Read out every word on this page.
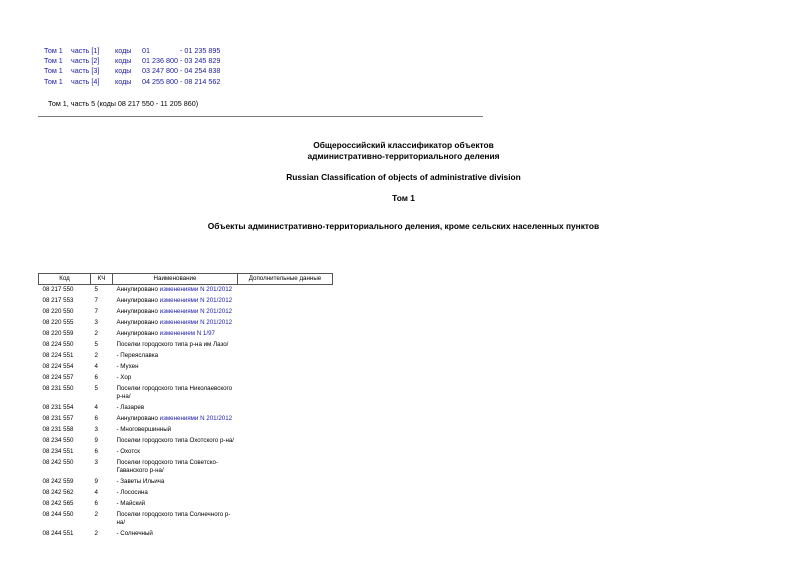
Том 1	часть [1]	коды	01               - 01 235 895
Том 1	часть [2]	коды	01 236 800 - 03 245 829
Том 1	часть [3]	коды	03 247 800 - 04 254 838
Том 1	часть [4]	коды	04 255 800 - 08 214 562
Том 1, часть 5 (коды 08 217 550 - 11 205 860)
Общероссийский классификатор объектов
административно-территориального деления
Russian Classification of objects of administrative division
Том 1
Объекты административно-территориального деления, кроме сельских населенных пунктов
Код	КЧ	Наименование	Дополнительные данные
08 217 550	5	Аннулировано изменениями N 201/2012	
08 217 553	7	Аннулировано изменениями N 201/2012	
08 220 550	7	Аннулировано изменениями N 201/2012	
08 220 555	3	Аннулировано изменениями N 201/2012	
08 220 559	2	Аннулировано изменением N 1/97	
08 224 550	5	Поселки городского типа р-на им Лазо/	
08 224 551	2	- Переяславка	
08 224 554	4	- Мухен	
08 224 557	6	- Хор	
08 231 550	5	Поселки городского типа Николаевского р-на/	
08 231 554	4	- Лазарев	
08 231 557	6	Аннулировано изменениями N 201/2012	
08 231 558	3	- Многовершинный	
08 234 550	9	Поселки городского типа Охотского р-на/	
08 234 551	6	- Охотск	
08 242 550	3	Поселки городского типа Советско-Гаванского р-на/	
08 242 559	9	- Заветы Ильича	
08 242 562	4	- Лососина	
08 242 565	6	- Майский	
08 244 550	2	Поселки городского типа Солнечного р-на/	
08 244 551	2	- Солнечный	
